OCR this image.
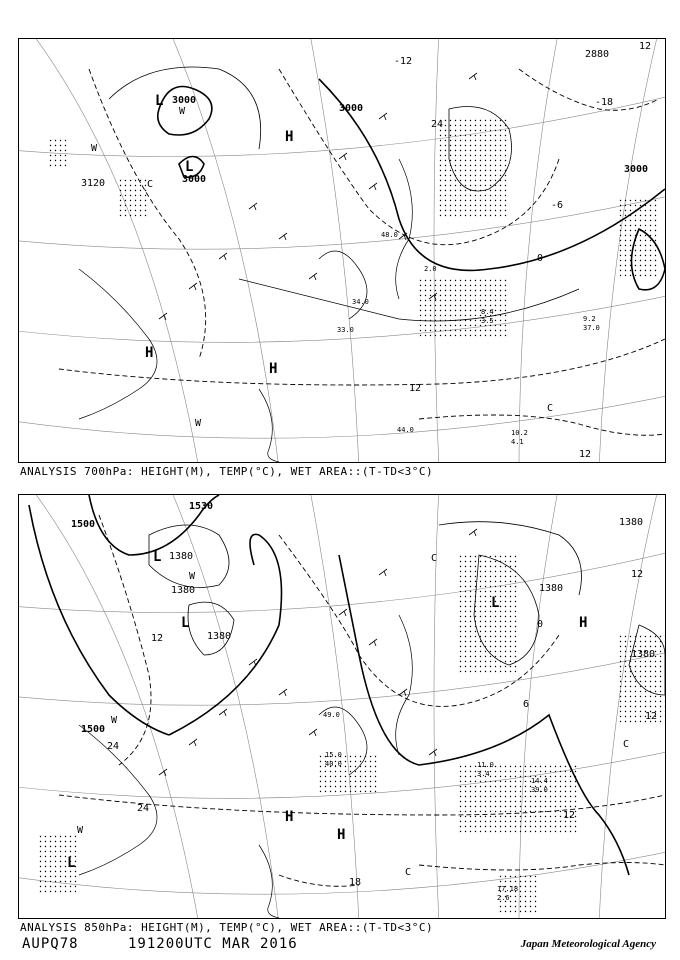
3000
3000
3000
3000
3120
2880
24
-12
-6
0
-18
12
12
12
L
L
H
H
H
W
C
W
W
C
34.0
33.0	37.0
44.0
48.0
8.4
3.5	9.2
10.2
4.1
2.0
ANALYSIS 700hPa: HEIGHT(M), TEMP(°C), WET AREA::(T-TD<3°C)
1500
1530
1500
1380
1380
1380
1380
1380
1380
12
24
24
18
12
12
12
0
6
L
L
L
L
H
H
H
W
W
W
C
C
C
14.4
39.0
11.0
3.4
17.18
2.6
15.0
40.0
49.0
ANALYSIS 850hPa: HEIGHT(M), TEMP(°C), WET AREA::(T-TD<3°C)
AUPQ78	191200UTC MAR 2016	Japan Meteorological Agency
